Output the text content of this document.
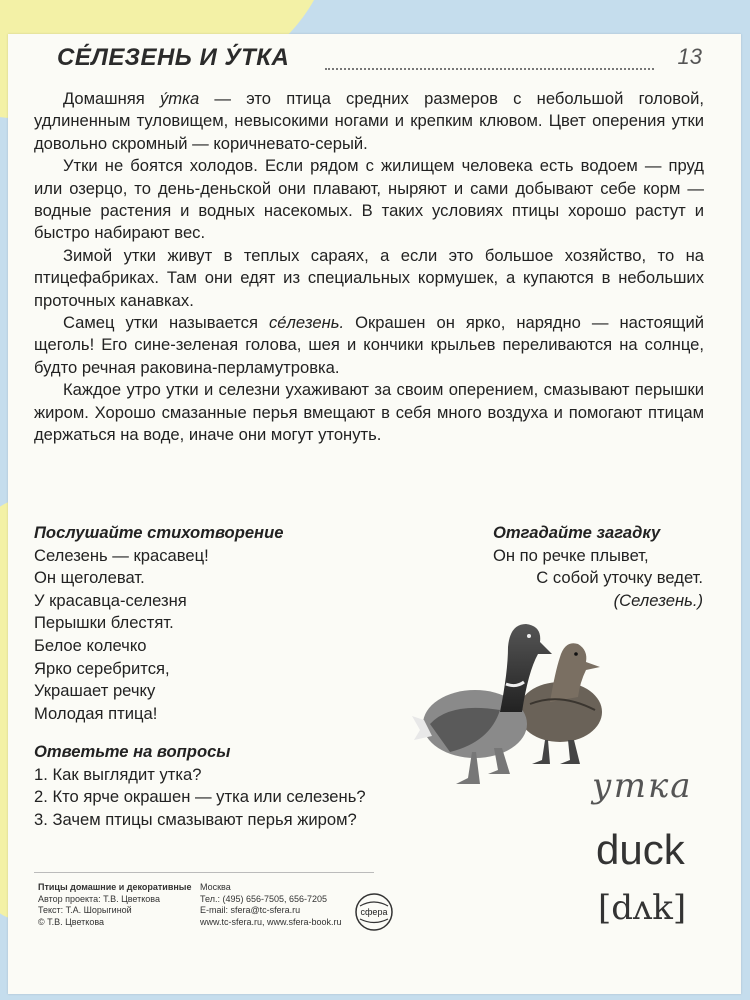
СЕ́ЛЕЗЕНЬ И У́ТКА	13

Домашняя у́тка — это птица средних размеров с небольшой головой, удлиненным туловищем, невысокими ногами и крепким клювом. Цвет оперения утки довольно скромный — коричневато-серый.

Утки не боятся холодов. Если рядом с жилищем человека есть водоем — пруд или озерцо, то день-деньской они плавают, ныряют и сами добывают себе корм — водные растения и водных насекомых. В таких условиях птицы хорошо растут и быстро набирают вес.

Зимой утки живут в теплых сараях, а если это большое хозяйство, то на птицефабриках. Там они едят из специальных кормушек, а купаются в небольших проточных канавках.

Самец утки называется се́лезень. Окрашен он ярко, нарядно — настоящий щеголь! Его сине-зеленая голова, шея и кончики крыльев переливаются на солнце, будто речная раковина-перламутровка.

Каждое утро утки и селезни ухаживают за своим оперением, смазывают перышки жиром. Хорошо смазанные перья вмещают в себя много воздуха и помогают птицам держаться на воде, иначе они могут утонуть.

Послушайте стихотворение
Селезень — красавец!
Он щеголеват.
У красавца-селезня
Перышки блестят.
Белое колечко
Ярко серебрится,
Украшает речку
Молодая птица!
Отгадайте загадку
Он по речке плывет,
С собой уточку ведет.
(Селезень.)
Ответьте на вопросы
1. Как выглядит утка?
2. Кто ярче окрашен — утка или селезень?
3. Зачем птицы смазывают перья жиром?
утка
duck
[dʌk]
Птицы домашние и декоративные
Автор проекта: Т.В. Цветкова
Текст: Т.А. Шорыгиной
© Т.В. Цветкова
Москва
Тел.: (495) 656-7505, 656-7205
E-mail: sfera@tc-sfera.ru
www.tc-sfera.ru, www.sfera-book.ru
сфера
